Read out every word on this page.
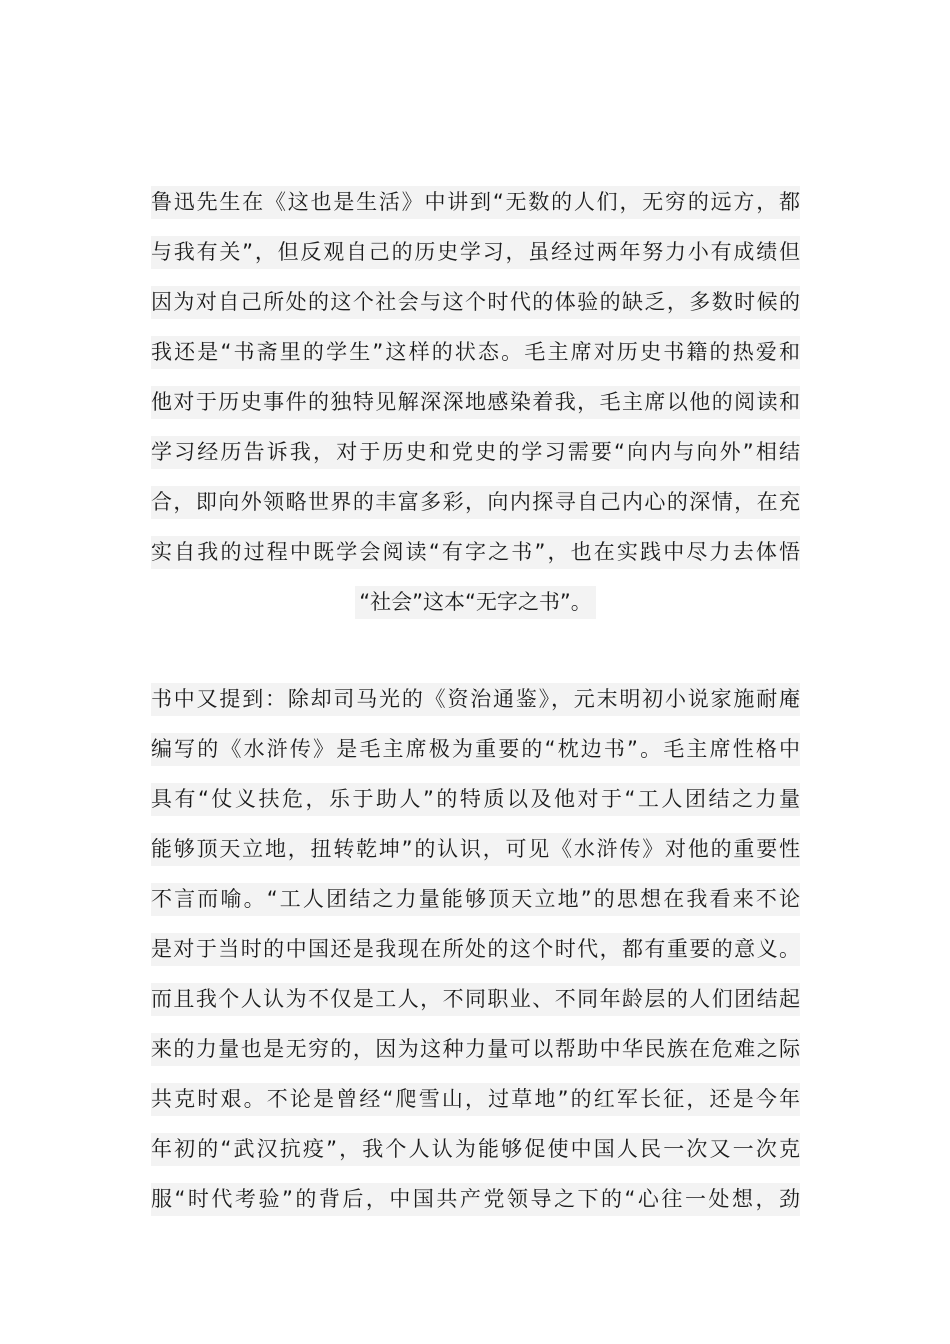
鲁迅先生在《这也是生活》中讲到“无数的人们，无穷的远方，都
与我有关”，但反观自己的历史学习，虽经过两年努力小有成绩但
因为对自己所处的这个社会与这个时代的体验的缺乏，多数时候的
我还是“书斋里的学生”这样的状态。毛主席对历史书籍的热爱和
他对于历史事件的独特见解深深地感染着我，毛主席以他的阅读和
学习经历告诉我，对于历史和党史的学习需要“向内与向外”相结
合，即向外领略世界的丰富多彩，向内探寻自己内心的深情，在充
实自我的过程中既学会阅读“有字之书”，也在实践中尽力去体悟
“社会”这本“无字之书”。
书中又提到：除却司马光的《资治通鉴》，元末明初小说家施耐庵
编写的《水浒传》是毛主席极为重要的“枕边书”。毛主席性格中
具有“仗义扶危，乐于助人”的特质以及他对于“工人团结之力量
能够顶天立地，扭转乾坤”的认识，可见《水浒传》对他的重要性
不言而喻。“工人团结之力量能够顶天立地”的思想在我看来不论
是对于当时的中国还是我现在所处的这个时代，都有重要的意义。
而且我个人认为不仅是工人，不同职业、不同年龄层的人们团结起
来的力量也是无穷的，因为这种力量可以帮助中华民族在危难之际
共克时艰。不论是曾经“爬雪山，过草地”的红军长征，还是今年
年初的“武汉抗疫”，我个人认为能够促使中国人民一次又一次克
服“时代考验”的背后，中国共产党领导之下的“心往一处想，劲
